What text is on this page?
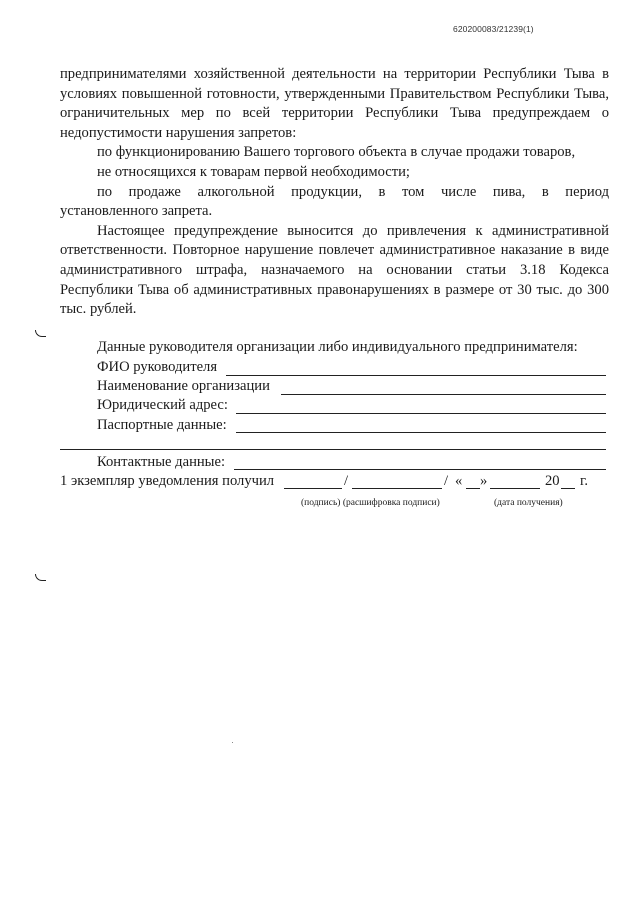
620200083/21239(1)

предпринимателями хозяйственной деятельности на территории Республики Тыва в условиях повышенной готовности, утвержденными Правительством Республики Тыва, ограничительных мер по всей территории Республики Тыва предупреждаем о недопустимости нарушения запретов:

по функционированию Вашего торгового объекта в случае продажи товаров,

не относящихся к товарам первой необходимости;

по продаже алкогольной продукции, в том числе пива, в период

установленного запрета.

Настоящее предупреждение выносится до привлечения к административной ответственности. Повторное нарушение повлечет административное наказание в виде административного штрафа, назначаемого на основании статьи 3.18 Кодекса Республики Тыва об административных правонарушениях в размере от 30 тыс. до 300 тыс. рублей.

Данные руководителя организации либо индивидуального предпринимателя:
ФИО руководителя
Наименование организации
Юридический адрес:
Паспортные данные:
Контактные данные:
1 экземпляр уведомления получил	/	/ « »	20 г.
(подпись) (расшифровка подписи)	(дата получения)
